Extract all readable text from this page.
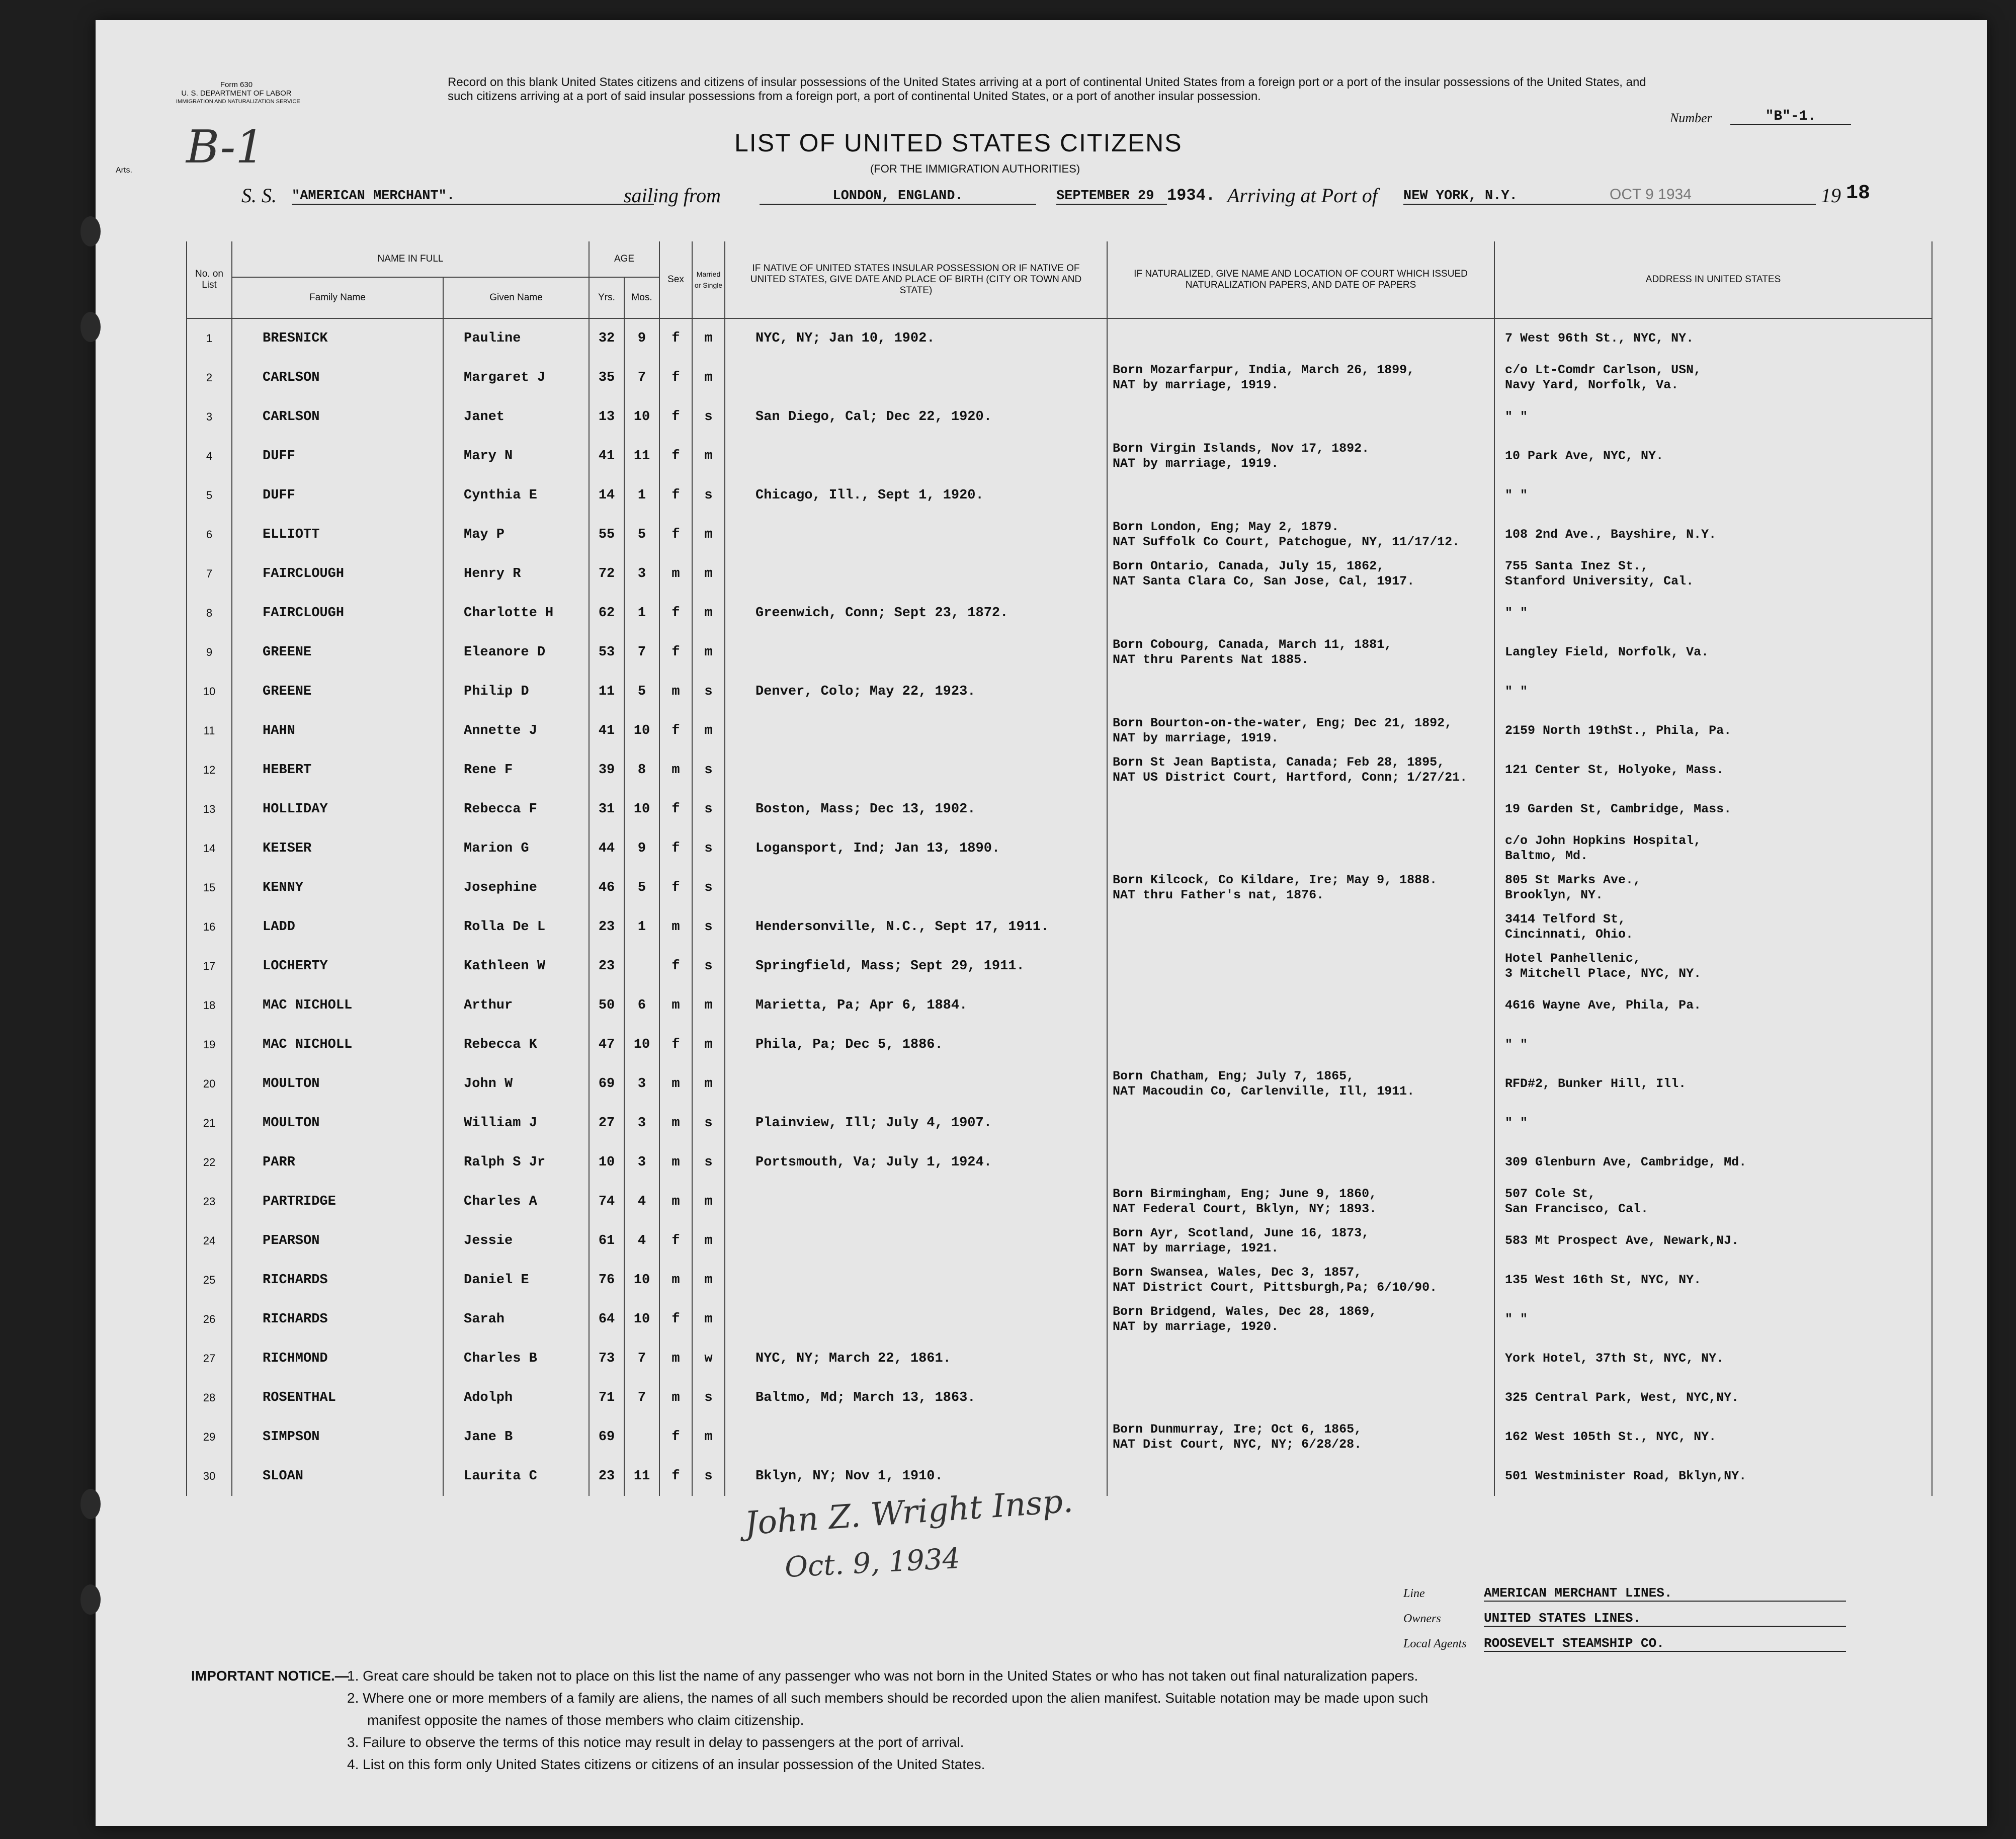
Form 630
U. S. DEPARTMENT OF LABOR
IMMIGRATION AND NATURALIZATION SERVICE
B-1
Arts.
Record on this blank United States citizens and citizens of insular possessions of the United States arriving at a port of continental United States from a foreign port or a port of the insular possessions of the United States, and such citizens arriving at a port of said insular possessions from a foreign port, a port of continental United States, or a port of another insular possession.
Number	"B"-1.
LIST OF UNITED STATES CITIZENS
(FOR THE IMMIGRATION AUTHORITIES)
S. S. "AMERICAN MERCHANT".	sailing from	LONDON, ENGLAND.	SEPTEMBER 29 1934. Arriving at Port of NEW YORK, N.Y.	OCT 9 1934	19 18
No. on List	NAME IN FULL		AGE		Sex	Married or Single	IF NATIVE OF UNITED STATES INSULAR POSSESSION OR IF NATIVE OF UNITED STATES, GIVE DATE AND PLACE OF BIRTH (CITY OR TOWN AND STATE)	IF NATURALIZED, GIVE NAME AND LOCATION OF COURT WHICH ISSUED NATURALIZATION PAPERS, AND DATE OF PAPERS	ADDRESS IN UNITED STATES
	Family Name	Given Name	Yrs.	Mos.					
1	BRESNICK	Pauline	32	9	f	m	NYC, NY; Jan 10, 1902.		7 West 96th St., NYC, NY.

2	CARLSON	Margaret J	35	7	f	m		Born Mozarfarpur, India, March 26, 1899,
NAT by marriage, 1919.	c/o Lt-Comdr Carlson, USN,
Navy Yard, Norfolk, Va.

3	CARLSON	Janet	13	10	f	s	San Diego, Cal; Dec 22, 1920.		" "

4	DUFF	Mary N	41	11	f	m		Born Virgin Islands, Nov 17, 1892.
NAT by marriage, 1919.	10 Park Ave, NYC, NY.

5	DUFF	Cynthia E	14	1	f	s	Chicago, Ill., Sept 1, 1920.		" "

6	ELLIOTT	May P	55	5	f	m		Born London, Eng; May 2, 1879.
NAT Suffolk Co Court, Patchogue, NY, 11/17/12.	108 2nd Ave., Bayshire, N.Y.

7	FAIRCLOUGH	Henry R	72	3	m	m		Born Ontario, Canada, July 15, 1862,
NAT Santa Clara Co, San Jose, Cal, 1917.	755 Santa Inez St.,
Stanford University, Cal.

8	FAIRCLOUGH	Charlotte H	62	1	f	m	Greenwich, Conn; Sept 23, 1872.		" "

9	GREENE	Eleanore D	53	7	f	m		Born Cobourg, Canada, March 11, 1881,
NAT thru Parents Nat 1885.	Langley Field, Norfolk, Va.

10	GREENE	Philip D	11	5	m	s	Denver, Colo; May 22, 1923.		" "

11	HAHN	Annette J	41	10	f	m		Born Bourton-on-the-water, Eng; Dec 21, 1892,
NAT by marriage, 1919.	2159 North 19thSt., Phila, Pa.

12	HEBERT	Rene F	39	8	m	s		Born St Jean Baptista, Canada; Feb 28, 1895,
NAT US District Court, Hartford, Conn; 1/27/21.	121 Center St, Holyoke, Mass.

13	HOLLIDAY	Rebecca F	31	10	f	s	Boston, Mass; Dec 13, 1902.		19 Garden St, Cambridge, Mass.

14	KEISER	Marion G	44	9	f	s	Logansport, Ind; Jan 13, 1890.		c/o John Hopkins Hospital,
Baltmo, Md.

15	KENNY	Josephine	46	5	f	s		Born Kilcock, Co Kildare, Ire; May 9, 1888.
NAT thru Father's nat, 1876.	805 St Marks Ave.,
Brooklyn, NY.

16	LADD	Rolla De L	23	1	m	s	Hendersonville, N.C., Sept 17, 1911.		3414 Telford St,
Cincinnati, Ohio.

17	LOCHERTY	Kathleen W	23		f	s	Springfield, Mass; Sept 29, 1911.		Hotel Panhellenic,
3 Mitchell Place, NYC, NY.

18	MAC NICHOLL	Arthur	50	6	m	m	Marietta, Pa; Apr 6, 1884.		4616 Wayne Ave, Phila, Pa.

19	MAC NICHOLL	Rebecca K	47	10	f	m	Phila, Pa; Dec 5, 1886.		" "

20	MOULTON	John W	69	3	m	m		Born Chatham, Eng; July 7, 1865,
NAT Macoudin Co, Carlenville, Ill, 1911.	RFD#2, Bunker Hill, Ill.

21	MOULTON	William J	27	3	m	s	Plainview, Ill; July 4, 1907.		" "

22	PARR	Ralph S Jr	10	3	m	s	Portsmouth, Va; July 1, 1924.		309 Glenburn Ave, Cambridge, Md.

23	PARTRIDGE	Charles A	74	4	m	m		Born Birmingham, Eng; June 9, 1860,
NAT Federal Court, Bklyn, NY; 1893.	507 Cole St,
San Francisco, Cal.

24	PEARSON	Jessie	61	4	f	m		Born Ayr, Scotland, June 16, 1873,
NAT by marriage, 1921.	583 Mt Prospect Ave, Newark,NJ.

25	RICHARDS	Daniel E	76	10	m	m		Born Swansea, Wales, Dec 3, 1857,
NAT District Court, Pittsburgh,Pa; 6/10/90.	135 West 16th St, NYC, NY.

26	RICHARDS	Sarah	64	10	f	m		Born Bridgend, Wales, Dec 28, 1869,
NAT by marriage, 1920.	" "

27	RICHMOND	Charles B	73	7	m	w	NYC, NY; March 22, 1861.		York Hotel, 37th St, NYC, NY.

28	ROSENTHAL	Adolph	71	7	m	s	Baltmo, Md; March 13, 1863.		325 Central Park, West, NYC,NY.

29	SIMPSON	Jane B	69		f	m		Born Dunmurray, Ire; Oct 6, 1865,
NAT Dist Court, NYC, NY; 6/28/28.	162 West 105th St., NYC, NY.

30	SLOAN	Laurita C	23	11	f	s	Bklyn, NY; Nov 1, 1910.		501 Westminister Road, Bklyn,NY.
Line	AMERICAN MERCHANT LINES.
Owners	UNITED STATES LINES.
Local Agents ROOSEVELT STEAMSHIP CO.
John Z. Wright Insp.
Oct. 9, 1934
IMPORTANT NOTICE.—
1. Great care should be taken not to place on this list the name of any passenger who was not born in the United States or who has not taken out final naturalization papers.
2. Where one or more members of a family are aliens, the names of all such members should be recorded upon the alien manifest. Suitable notation may be made upon such
manifest opposite the names of those members who claim citizenship.
3. Failure to observe the terms of this notice may result in delay to passengers at the port of arrival.
4. List on this form only United States citizens or citizens of an insular possession of the United States.
